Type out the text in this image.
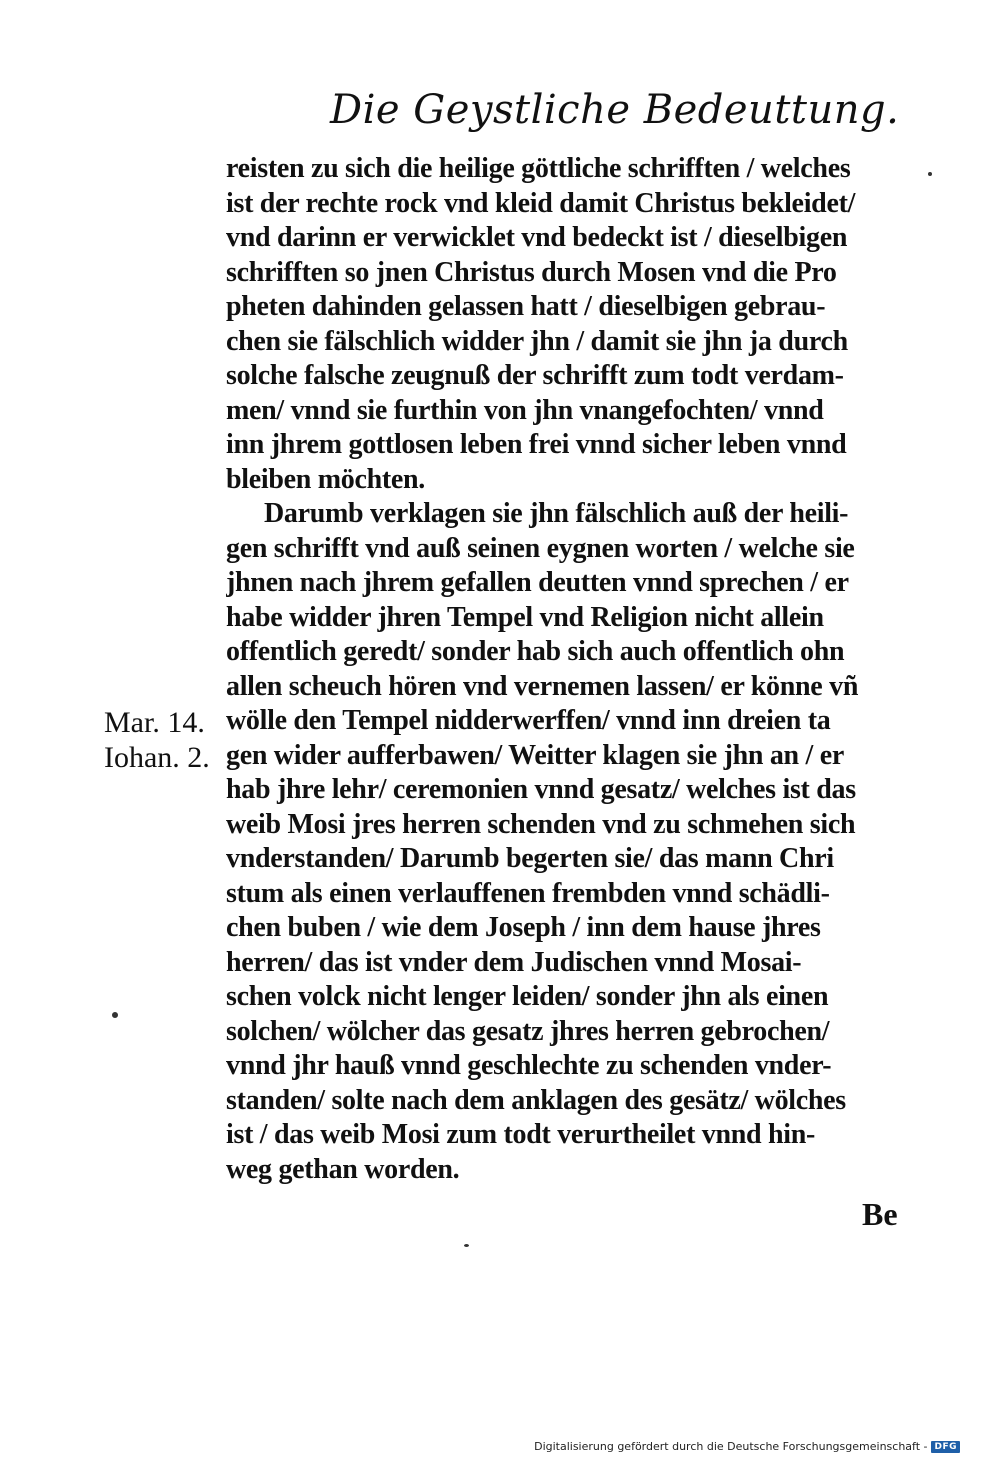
Die Geystliche Bedeuttung.
reisten zu sich die heilige göttliche schrifften / welches
ist der rechte rock vnd kleid damit Christus bekleidet/
vnd darinn er verwicklet vnd bedeckt ist / dieselbigen
schrifften so jnen Christus durch Mosen vnd die Pro
pheten dahinden gelassen hatt / dieselbigen gebrau-
chen sie fälschlich widder jhn / damit sie jhn ja durch
solche falsche zeugnuß der schrifft zum todt verdam-
men/ vnnd sie furthin von jhn vnangefochten/ vnnd
inn jhrem gottlosen leben frei vnnd sicher leben vnnd
bleiben möchten.
Darumb verklagen sie jhn fälschlich auß der heili-
gen schrifft vnd auß seinen eygnen worten / welche sie
jhnen nach jhrem gefallen deutten vnnd sprechen / er
habe widder jhren Tempel vnd Religion nicht allein
offentlich geredt/ sonder hab sich auch offentlich ohn
allen scheuch hören vnd vernemen lassen/ er könne vñ
wölle den Tempel nidderwerffen/ vnnd inn dreien ta
gen wider aufferbawen/ Weitter klagen sie jhn an / er
hab jhre lehr/ ceremonien vnnd gesatz/ welches ist das
weib Mosi jres herren schenden vnd zu schmehen sich
vnderstanden/ Darumb begerten sie/ das mann Chri
stum als einen verlauffenen frembden vnnd schädli-
chen buben / wie dem Joseph / inn dem hause jhres
herren/ das ist vnder dem Judischen vnnd Mosai-
schen volck nicht lenger leiden/ sonder jhn als einen
solchen/ wölcher das gesatz jhres herren gebrochen/
vnnd jhr hauß vnnd geschlechte zu schenden vnder-
standen/ solte nach dem anklagen des gesätz/ wölches
ist / das weib Mosi zum todt verurtheilet vnnd hin-
weg gethan worden.
Mar. 14.
Iohan. 2.
Be
Digitalisierung gefördert durch die Deutsche Forschungsgemeinschaft - DFG
